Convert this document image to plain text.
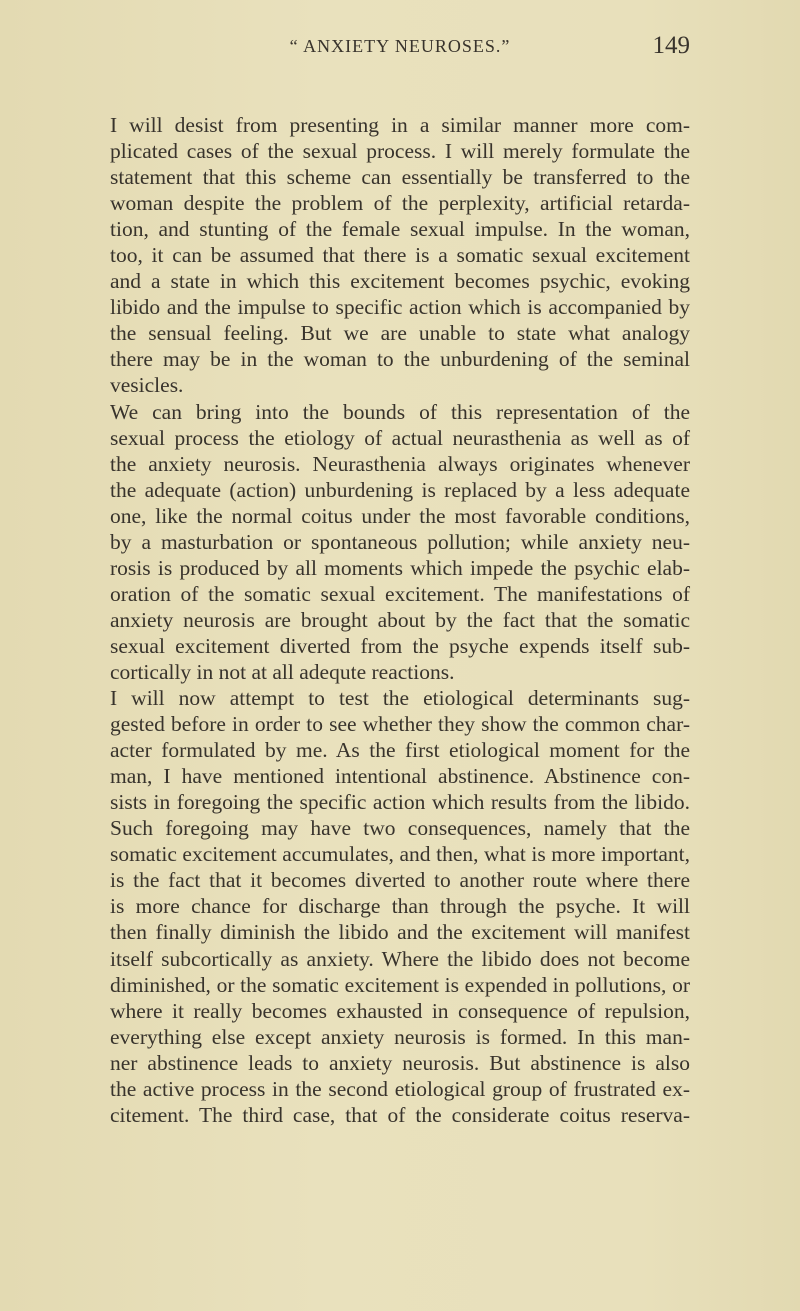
“ ANXIETY NEUROSES.”	149
I will desist from presenting in a similar manner more com-
plicated cases of the sexual process. I will merely formulate the
statement that this scheme can essentially be transferred to the
woman despite the problem of the perplexity, artificial retarda-
tion, and stunting of the female sexual impulse. In the woman,
too, it can be assumed that there is a somatic sexual excitement
and a state in which this excitement becomes psychic, evoking
libido and the impulse to specific action which is accompanied by
the sensual feeling. But we are unable to state what analogy
there may be in the woman to the unburdening of the seminal
vesicles.
We can bring into the bounds of this representation of the
sexual process the etiology of actual neurasthenia as well as of
the anxiety neurosis. Neurasthenia always originates whenever
the adequate (action) unburdening is replaced by a less adequate
one, like the normal coitus under the most favorable conditions,
by a masturbation or spontaneous pollution; while anxiety neu-
rosis is produced by all moments which impede the psychic elab-
oration of the somatic sexual excitement. The manifestations of
anxiety neurosis are brought about by the fact that the somatic
sexual excitement diverted from the psyche expends itself sub-
cortically in not at all adequte reactions.
I will now attempt to test the etiological determinants sug-
gested before in order to see whether they show the common char-
acter formulated by me. As the first etiological moment for the
man, I have mentioned intentional abstinence. Abstinence con-
sists in foregoing the specific action which results from the libido.
Such foregoing may have two consequences, namely that the
somatic excitement accumulates, and then, what is more important,
is the fact that it becomes diverted to another route where there
is more chance for discharge than through the psyche. It will
then finally diminish the libido and the excitement will manifest
itself subcortically as anxiety. Where the libido does not become
diminished, or the somatic excitement is expended in pollutions, or
where it really becomes exhausted in consequence of repulsion,
everything else except anxiety neurosis is formed. In this man-
ner abstinence leads to anxiety neurosis. But abstinence is also
the active process in the second etiological group of frustrated ex-
citement. The third case, that of the considerate coitus reserva-
